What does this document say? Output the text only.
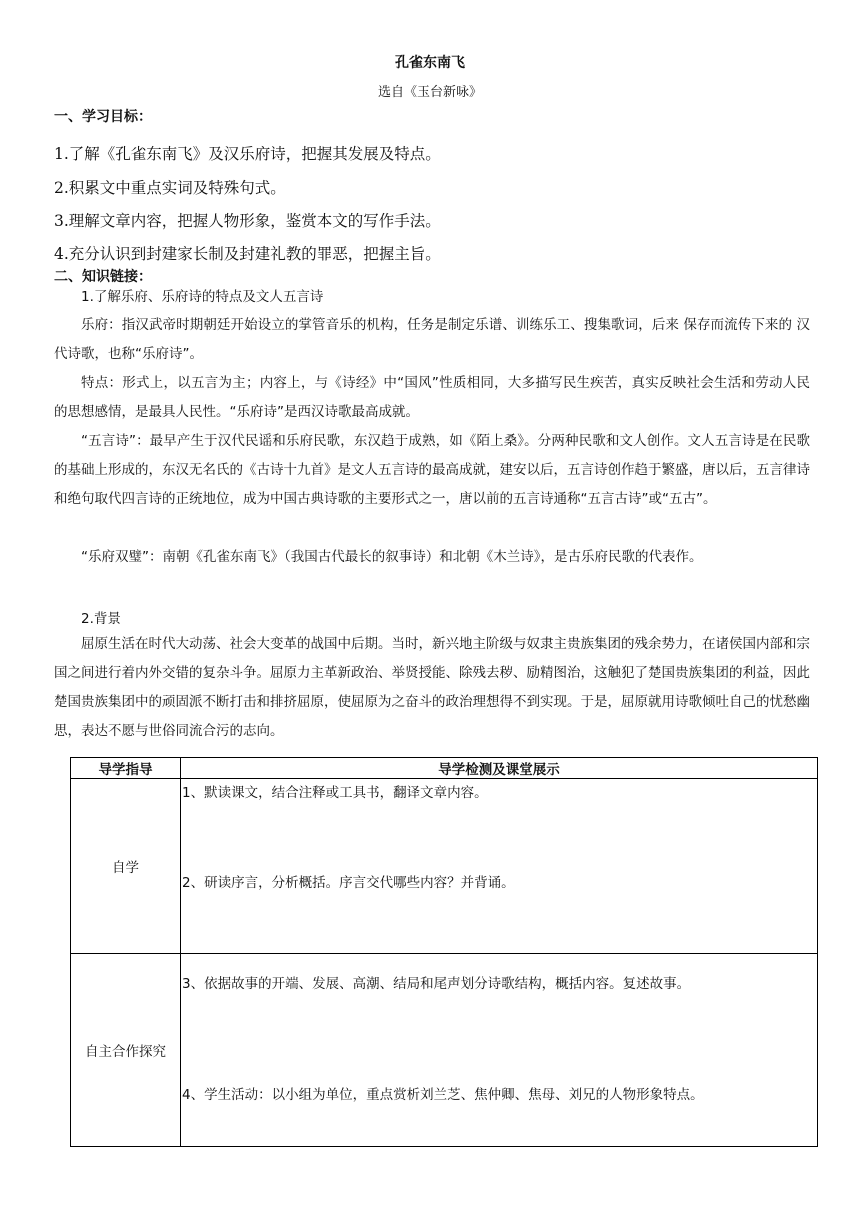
孔雀东南飞
选自《玉台新咏》
一、学习目标：
1.了解《孔雀东南飞》及汉乐府诗，把握其发展及特点。
2.积累文中重点实词及特殊句式。
3.理解文章内容，把握人物形象，鉴赏本文的写作手法。
4.充分认识到封建家长制及封建礼教的罪恶，把握主旨。
二、知识链接：
1.了解乐府、乐府诗的特点及文人五言诗

乐府：指汉武帝时期朝廷开始设立的掌管音乐的机构，任务是制定乐谱、训练乐工、搜集歌词，后来 保存而流传下来的 汉代诗歌，也称“乐府诗”。

特点：形式上，以五言为主；内容上，与《诗经》中“国风”性质相同，大多描写民生疾苦，真实反映社会生活和劳动人民的思想感情，是最具人民性。“乐府诗”是西汉诗歌最高成就。

“五言诗”：最早产生于汉代民谣和乐府民歌，东汉趋于成熟，如《陌上桑》。分两种民歌和文人创作。文人五言诗是在民歌的基础上形成的，东汉无名氏的《古诗十九首》是文人五言诗的最高成就，建安以后，五言诗创作趋于繁盛，唐以后，五言律诗和绝句取代四言诗的正统地位，成为中国古典诗歌的主要形式之一，唐以前的五言诗通称“五言古诗”或“五古”。

“乐府双璧”：南朝《孔雀东南飞》（我国古代最长的叙事诗）和北朝《木兰诗》，是古乐府民歌的代表作。

2.背景

屈原生活在时代大动荡、社会大变革的战国中后期。当时，新兴地主阶级与奴隶主贵族集团的残余势力，在诸侯国内部和宗国之间进行着内外交错的复杂斗争。屈原力主革新政治、举贤授能、除残去秽、励精图治，这触犯了楚国贵族集团的利益，因此楚国贵族集团中的顽固派不断打击和排挤屈原，使屈原为之奋斗的政治理想得不到实现。于是，屈原就用诗歌倾吐自己的忧愁幽思，表达不愿与世俗同流合污的志向。

导学指导	导学检测及课堂展示
自学	1、默读课文，结合注释或工具书，翻译文章内容。
2、研读序言，分析概括。序言交代哪些内容？并背诵。

自主合作探究	3、依据故事的开端、发展、高潮、结局和尾声划分诗歌结构，概括内容。复述故事。
4、学生活动：以小组为单位，重点赏析刘兰芝、焦仲卿、焦母、刘兄的人物形象特点。
